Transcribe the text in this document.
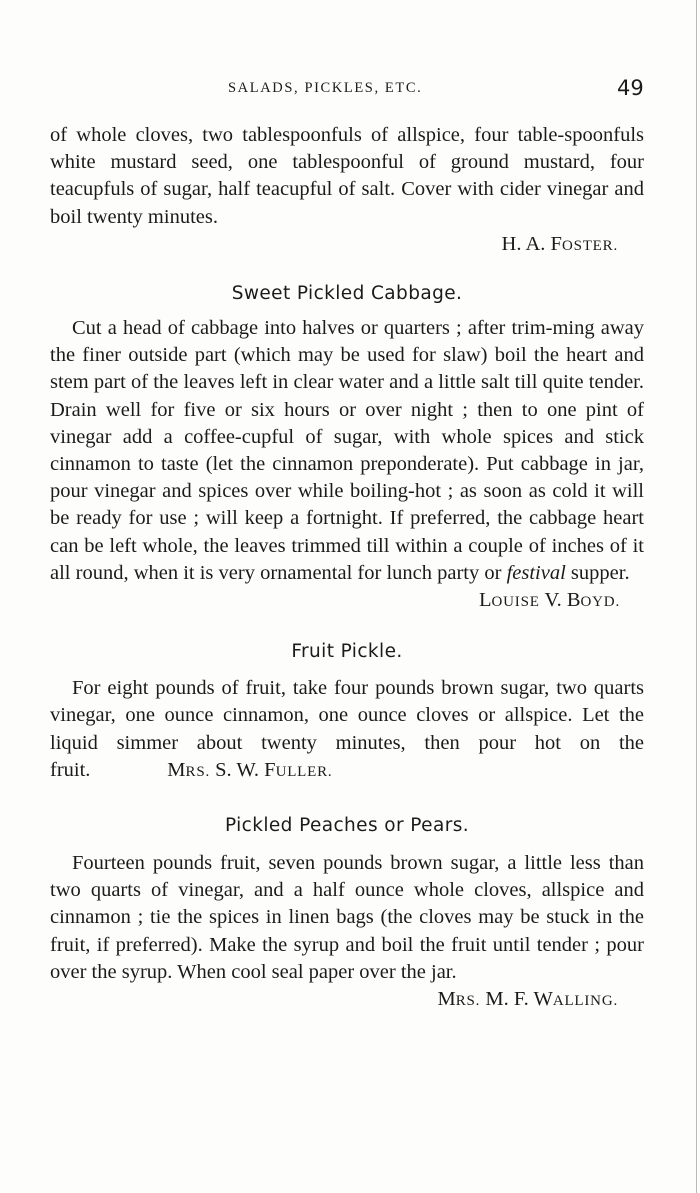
SALADS, PICKLES, ETC.	49

of whole cloves, two tablespoonfuls of allspice, four table-spoonfuls white mustard seed, one tablespoonful of ground mustard, four teacupfuls of sugar, half teacupful of salt. Cover with cider vinegar and boil twenty minutes.

H. A. FOSTER.

Sweet Pickled Cabbage.

Cut a head of cabbage into halves or quarters ; after trim-ming away the finer outside part (which may be used for slaw) boil the heart and stem part of the leaves left in clear water and a little salt till quite tender. Drain well for five or six hours or over night ; then to one pint of vinegar add a coffee-cupful of sugar, with whole spices and stick cinnamon to taste (let the cinnamon preponderate). Put cabbage in jar, pour vinegar and spices over while boiling-hot ; as soon as cold it will be ready for use ; will keep a fortnight. If preferred, the cabbage heart can be left whole, the leaves trimmed till within a couple of inches of it all round, when it is very ornamental for lunch party or festival supper.

LOUISE V. BOYD.

Fruit Pickle.

For eight pounds of fruit, take four pounds brown sugar, two quarts vinegar, one ounce cinnamon, one ounce cloves or allspice. Let the liquid simmer about twenty minutes, then pour hot on the fruit.	MRS. S. W. FULLER.

Pickled Peaches or Pears.

Fourteen pounds fruit, seven pounds brown sugar, a little less than two quarts of vinegar, and a half ounce whole cloves, allspice and cinnamon ; tie the spices in linen bags (the cloves may be stuck in the fruit, if preferred). Make the syrup and boil the fruit until tender ; pour over the syrup. When cool seal paper over the jar.

MRS. M. F. WALLING.
